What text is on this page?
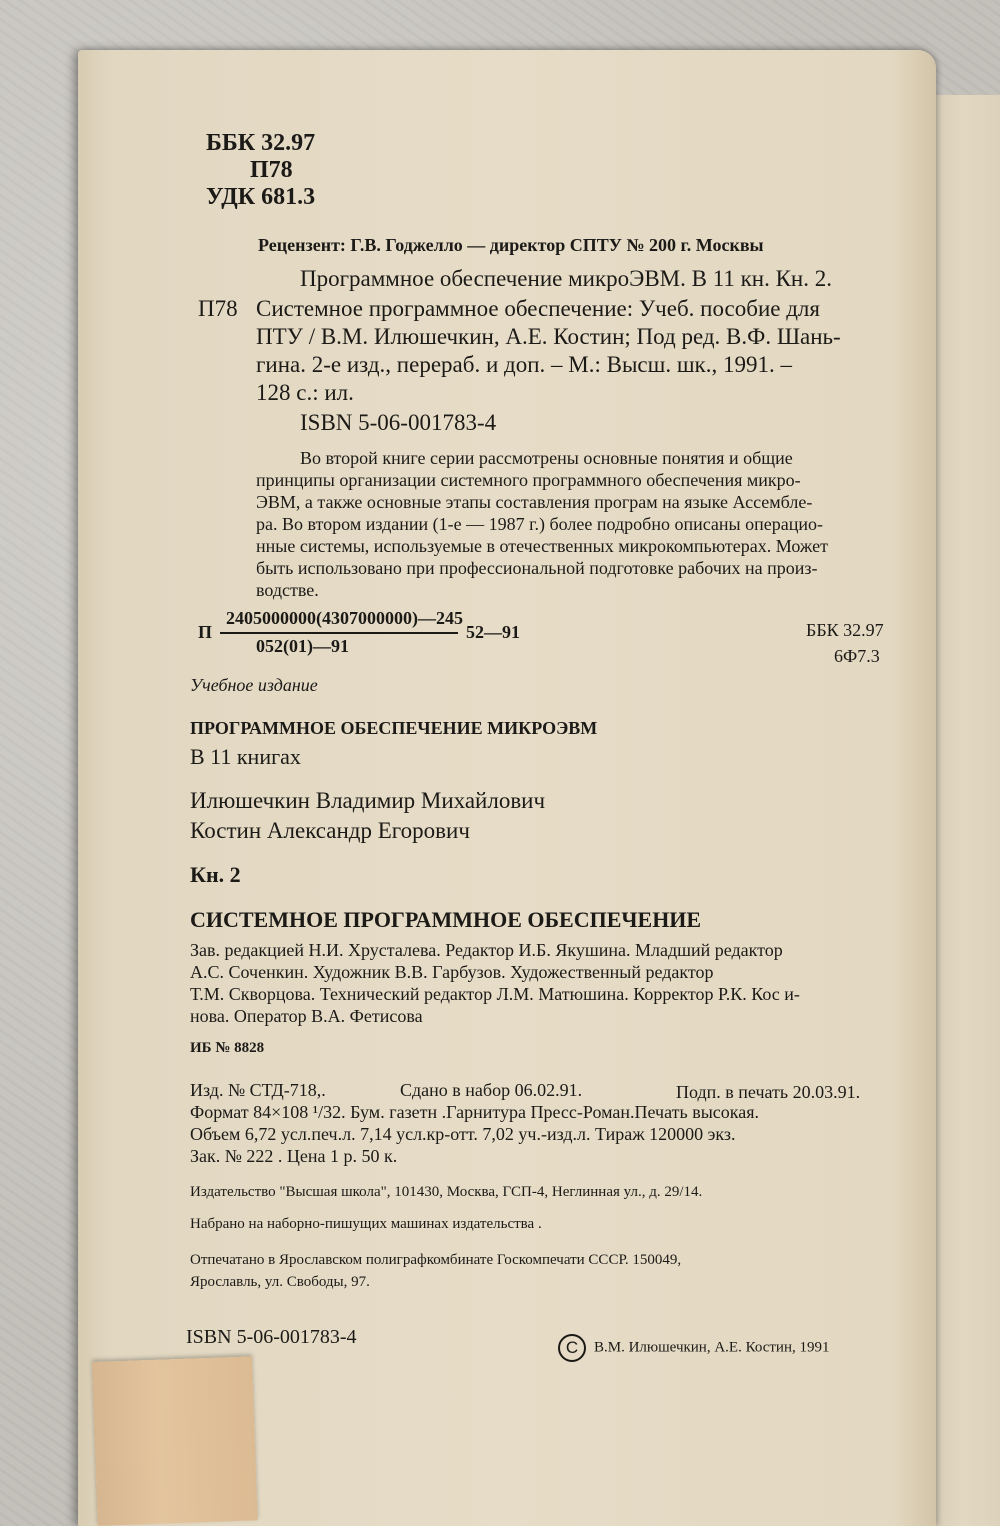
ББК 32.97
П78
УДК 681.3
Рецензент: Г.В. Годжелло — директор СПТУ № 200 г. Москвы
Программное обеспечение микроЭВМ. В 11 кн. Кн. 2.
П78 Системное программное обеспечение: Учеб. пособие для
ПТУ / В.М. Илюшечкин, А.Е. Костин; Под ред. В.Ф. Шань-
гина. 2-е изд., перераб. и доп. – М.: Высш. шк., 1991. –
128 с.: ил.
ISBN 5-06-001783-4
Во второй книге серии рассмотрены основные понятия и общие
принципы организации системного программного обеспечения микро-
ЭВМ, а также основные этапы составления програм на языке Ассембле-
ра. Во втором издании (1-е — 1987 г.) более подробно описаны операцио-
нные системы, используемые в отечественных микрокомпьютерах. Может
быть использовано при профессиональной подготовке рабочих на произ-
водстве.
П
2405000000(4307000000)—245
052(01)—91
52—91	ББК 32.97
6Ф7.3
Учебное издание
ПРОГРАММНОЕ ОБЕСПЕЧЕНИЕ МИКРОЭВМ
В 11 книгах
Илюшечкин Владимир Михайлович
Костин Александр Егорович
Кн. 2
СИСТЕМНОЕ ПРОГРАММНОЕ ОБЕСПЕЧЕНИЕ
Зав. редакцией Н.И. Хрусталева. Редактор И.Б. Якушина. Младший редактор
А.С. Соченкин. Художник В.В. Гарбузов. Художественный редактор
Т.М. Скворцова. Технический редактор Л.М. Матюшина. Корректор Р.К. Кос и-
нова. Оператор В.А. Фетисова
ИБ № 8828
Изд. № СТД-718,.	Сдано в набор 06.02.91.	Подп. в печать 20.03.91.
Формат 84×108 ¹/32. Бум. газетн .Гарнитура Пресс-Роман.Печать высокая.
Объем 6,72 усл.печ.л. 7,14 усл.кр-отт. 7,02 уч.-изд.л. Тираж 120000 экз.
Зак. № 222 . Цена 1 р. 50 к.
Издательство "Высшая школа", 101430, Москва, ГСП-4, Неглинная ул., д. 29/14.
Набрано на наборно-пишущих машинах издательства .
Отпечатано в Ярославском полиграфкомбинате Госкомпечати СССР. 150049,
Ярославль, ул. Свободы, 97.
ISBN 5-06-001783-4	C В.М. Илюшечкин, А.Е. Костин, 1991
